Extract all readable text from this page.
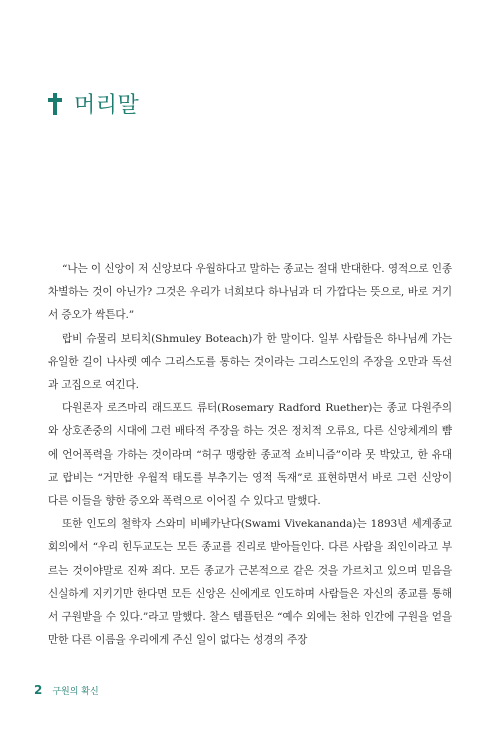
머리말

“나는 이 신앙이 저 신앙보다 우월하다고 말하는 종교는 절대 반대한다. 영적으로 인종차별하는 것이 아닌가? 그것은 우리가 너희보다 하나님과 더 가깝다는 뜻으로, 바로 거기서 증오가 싹튼다.”

랍비 슈물리 보티치(Shmuley Boteach)가 한 말이다. 일부 사람들은 하나님께 가는 유일한 길이 나사렛 예수 그리스도를 통하는 것이라는 그리스도인의 주장을 오만과 독선과 고집으로 여긴다.

다원론자 로즈마리 래드포드 류터(Rosemary Radford Ruether)는 종교 다원주의와 상호존중의 시대에 그런 배타적 주장을 하는 것은 정치적 오류요, 다른 신앙체계의 뺨에 언어폭력을 가하는 것이라며 “허구 맹랑한 종교적 쇼비니즘”이라 못 박았고, 한 유대교 랍비는 “거만한 우월적 태도를 부추기는 영적 독재”로 표현하면서 바로 그런 신앙이 다른 이들을 향한 증오와 폭력으로 이어질 수 있다고 말했다.

또한 인도의 철학자 스와미 비베카난다(Swami Vivekananda)는 1893년 세계종교회의에서 “우리 힌두교도는 모든 종교를 진리로 받아들인다. 다른 사람을 죄인이라고 부르는 것이야말로 진짜 죄다. 모든 종교가 근본적으로 같은 것을 가르치고 있으며 믿음을 신실하게 지키기만 한다면 모든 신앙은 신에게로 인도하며 사람들은 자신의 종교를 통해서 구원받을 수 있다.”라고 말했다. 찰스 템플턴은 “예수 외에는 천하 인간에 구원을 얻을 만한 다른 이름을 우리에게 주신 일이 없다는 성경의 주장

2 구원의 확신
